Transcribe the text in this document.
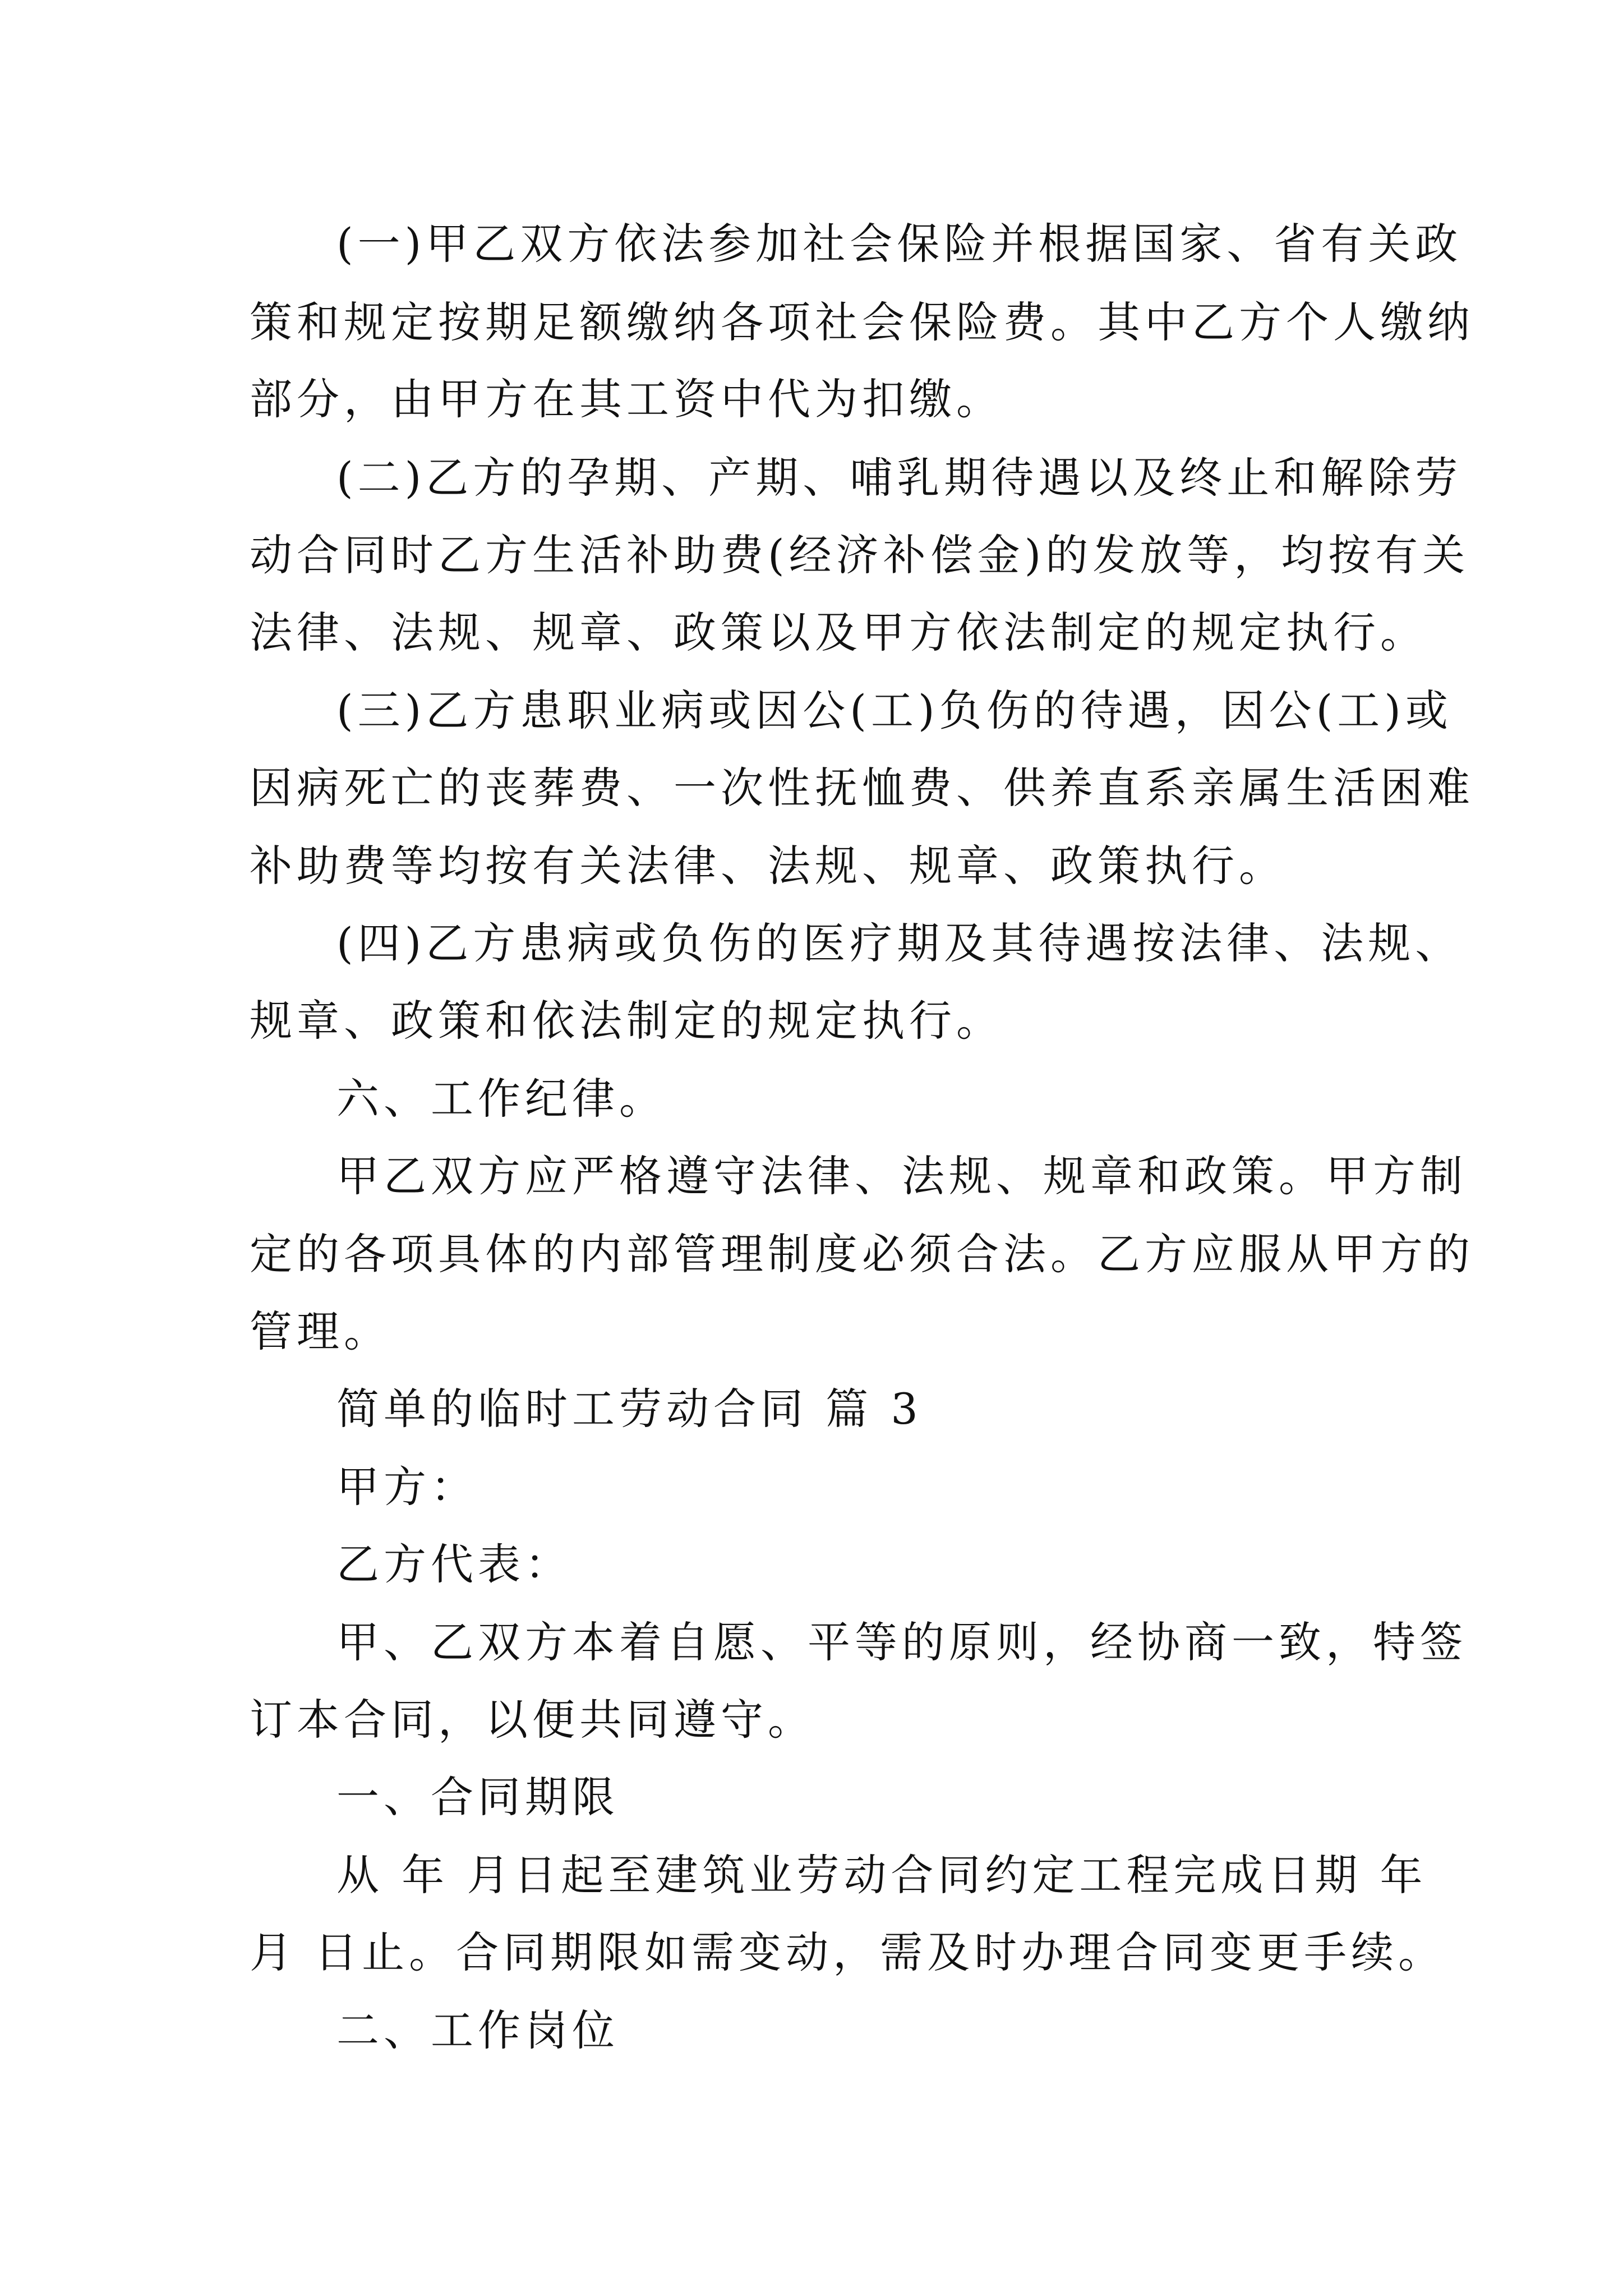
(一)甲乙双方依法参加社会保险并根据国家、省有关政
策和规定按期足额缴纳各项社会保险费。其中乙方个人缴纳
部分，由甲方在其工资中代为扣缴。
(二)乙方的孕期、产期、哺乳期待遇以及终止和解除劳
动合同时乙方生活补助费(经济补偿金)的发放等，均按有关
法律、法规、规章、政策以及甲方依法制定的规定执行。
(三)乙方患职业病或因公(工)负伤的待遇，因公(工)或
因病死亡的丧葬费、一次性抚恤费、供养直系亲属生活困难
补助费等均按有关法律、法规、规章、政策执行。
(四)乙方患病或负伤的医疗期及其待遇按法律、法规、
规章、政策和依法制定的规定执行。
六、工作纪律。
甲乙双方应严格遵守法律、法规、规章和政策。甲方制
定的各项具体的内部管理制度必须合法。乙方应服从甲方的
管理。
简单的临时工劳动合同 篇 3
甲方：
乙方代表：
甲、乙双方本着自愿、平等的原则，经协商一致，特签
订本合同，以便共同遵守。
一、合同期限
从 年 月日起至建筑业劳动合同约定工程完成日期 年
月 日止。合同期限如需变动，需及时办理合同变更手续。
二、工作岗位
